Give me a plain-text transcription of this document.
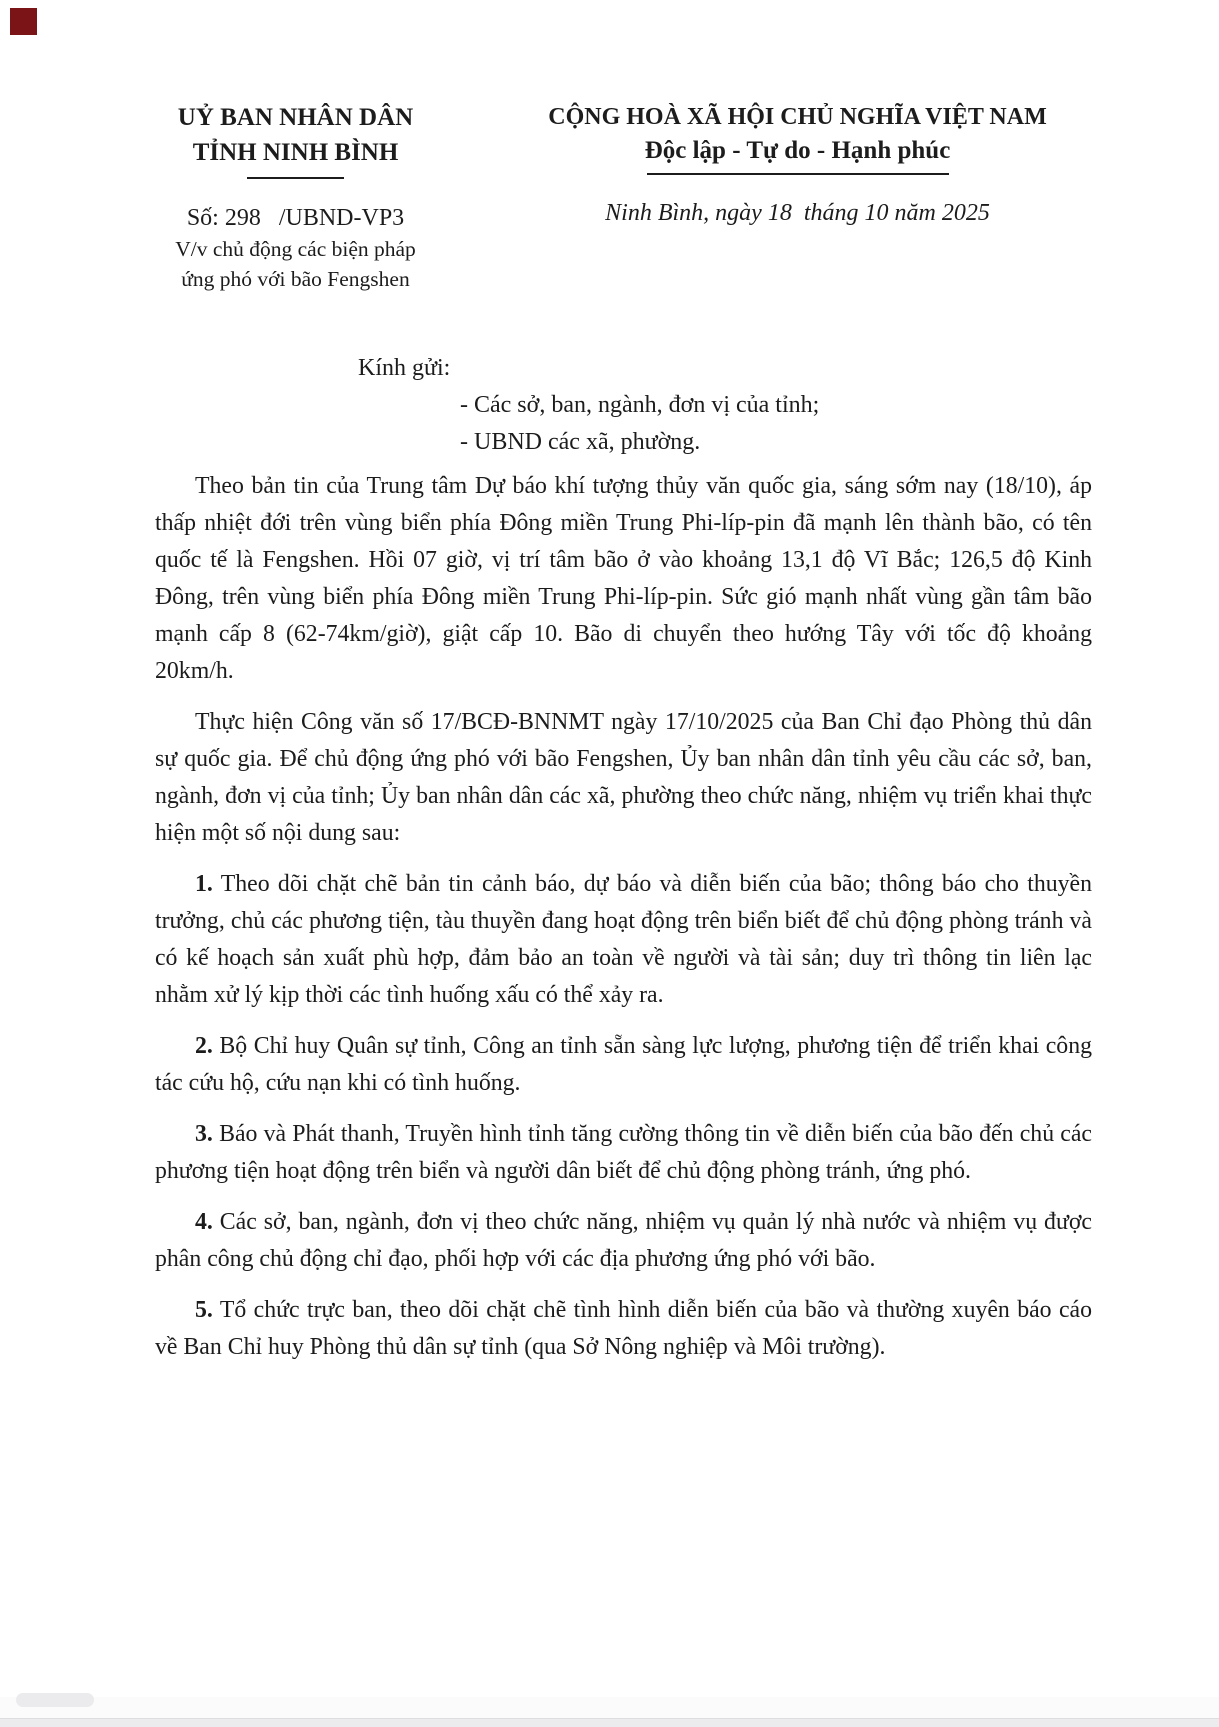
UỶ BAN NHÂN DÂN
TỈNH NINH BÌNH
Số: 298   /UBND-VP3
V/v chủ động các biện pháp
ứng phó với bão Fengshen
CỘNG HOÀ XÃ HỘI CHỦ NGHĨA VIỆT NAM
Độc lập - Tự do - Hạnh phúc
Ninh Bình, ngày 18  tháng 10 năm 2025
Kính gửi:
- Các sở, ban, ngành, đơn vị của tỉnh;
- UBND các xã, phường.

Theo bản tin của Trung tâm Dự báo khí tượng thủy văn quốc gia, sáng sớm nay (18/10), áp thấp nhiệt đới trên vùng biển phía Đông miền Trung Phi-líp-pin đã mạnh lên thành bão, có tên quốc tế là Fengshen. Hồi 07 giờ, vị trí tâm bão ở vào khoảng 13,1 độ Vĩ Bắc; 126,5 độ Kinh Đông, trên vùng biển phía Đông miền Trung Phi-líp-pin. Sức gió mạnh nhất vùng gần tâm bão mạnh cấp 8 (62-74km/giờ), giật cấp 10. Bão di chuyển theo hướng Tây với tốc độ khoảng 20km/h.

Thực hiện Công văn số 17/BCĐ-BNNMT ngày 17/10/2025 của Ban Chỉ đạo Phòng thủ dân sự quốc gia. Để chủ động ứng phó với bão Fengshen, Ủy ban nhân dân tỉnh yêu cầu các sở, ban, ngành, đơn vị của tỉnh; Ủy ban nhân dân các xã, phường theo chức năng, nhiệm vụ triển khai thực hiện một số nội dung sau:

1. Theo dõi chặt chẽ bản tin cảnh báo, dự báo và diễn biến của bão; thông báo cho thuyền trưởng, chủ các phương tiện, tàu thuyền đang hoạt động trên biển biết để chủ động phòng tránh và có kế hoạch sản xuất phù hợp, đảm bảo an toàn về người và tài sản; duy trì thông tin liên lạc nhằm xử lý kịp thời các tình huống xấu có thể xảy ra.

2. Bộ Chỉ huy Quân sự tỉnh, Công an tỉnh sẵn sàng lực lượng, phương tiện để triển khai công tác cứu hộ, cứu nạn khi có tình huống.

3. Báo và Phát thanh, Truyền hình tỉnh tăng cường thông tin về diễn biến của bão đến chủ các phương tiện hoạt động trên biển và người dân biết để chủ động phòng tránh, ứng phó.

4. Các sở, ban, ngành, đơn vị theo chức năng, nhiệm vụ quản lý nhà nước và nhiệm vụ được phân công chủ động chỉ đạo, phối hợp với các địa phương ứng phó với bão.

5. Tổ chức trực ban, theo dõi chặt chẽ tình hình diễn biến của bão và thường xuyên báo cáo về Ban Chỉ huy Phòng thủ dân sự tỉnh (qua Sở Nông nghiệp và Môi trường).
